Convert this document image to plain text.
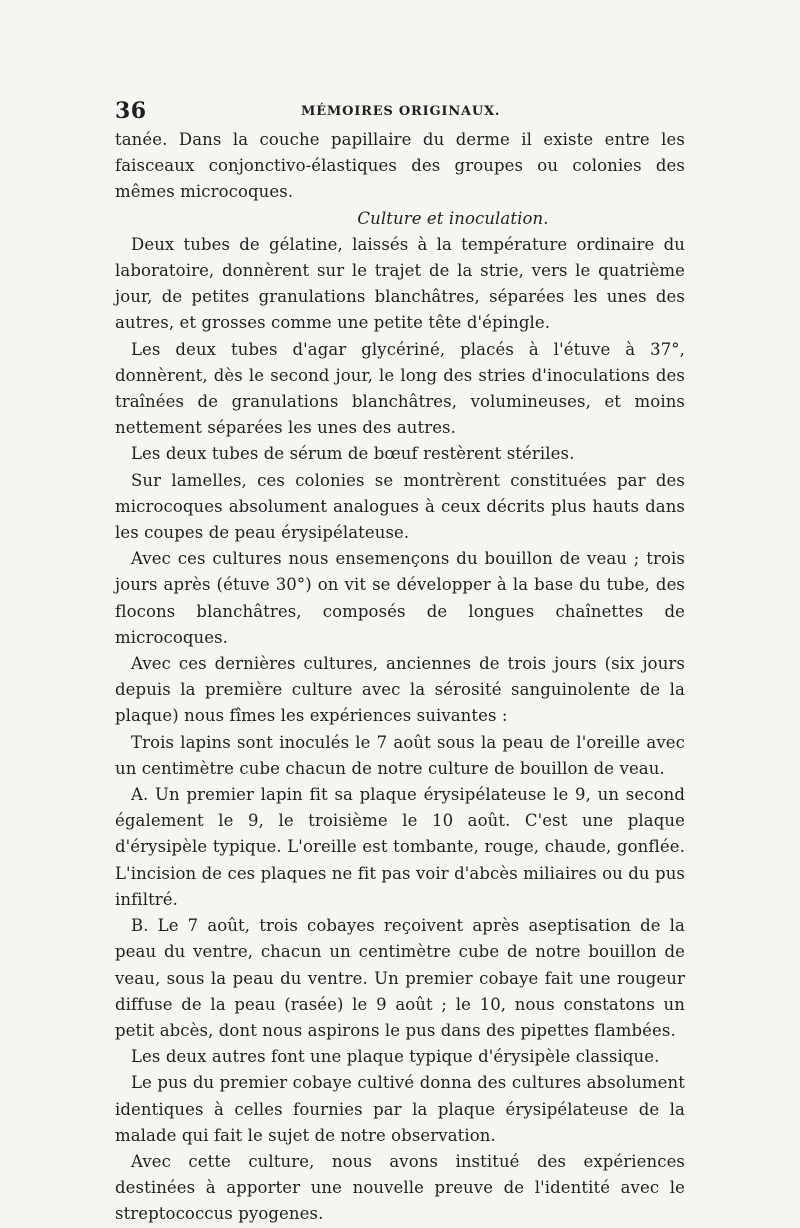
36	MÉMOIRES ORIGINAUX.

tanée. Dans la couche papillaire du derme il existe entre les faisceaux conjonctivo-élastiques des groupes ou colonies des mêmes microcoques.

Culture et inoculation.

Deux tubes de gélatine, laissés à la température ordinaire du laboratoire, donnèrent sur le trajet de la strie, vers le quatrième jour, de petites granulations blanchâtres, séparées les unes des autres, et grosses comme une petite tête d'épingle.

Les deux tubes d'agar glycériné, placés à l'étuve à 37°, donnèrent, dès le second jour, le long des stries d'inoculations des traînées de granulations blanchâtres, volumineuses, et moins nettement séparées les unes des autres.

Les deux tubes de sérum de bœuf restèrent stériles.

Sur lamelles, ces colonies se montrèrent constituées par des microcoques absolument analogues à ceux décrits plus hauts dans les coupes de peau érysipélateuse.

Avec ces cultures nous ensemençons du bouillon de veau ; trois jours après (étuve 30°) on vit se développer à la base du tube, des flocons blanchâtres, composés de longues chaînettes de microcoques.

Avec ces dernières cultures, anciennes de trois jours (six jours depuis la première culture avec la sérosité sanguinolente de la plaque) nous fîmes les expériences suivantes :

Trois lapins sont inoculés le 7 août sous la peau de l'oreille avec un centimètre cube chacun de notre culture de bouillon de veau.

A. Un premier lapin fit sa plaque érysipélateuse le 9, un second également le 9, le troisième le 10 août. C'est une plaque d'érysipèle typique. L'oreille est tombante, rouge, chaude, gonflée. L'incision de ces plaques ne fit pas voir d'abcès miliaires ou du pus infiltré.

B. Le 7 août, trois cobayes reçoivent après aseptisation de la peau du ventre, chacun un centimètre cube de notre bouillon de veau, sous la peau du ventre. Un premier cobaye fait une rougeur diffuse de la peau (rasée) le 9 août ; le 10, nous constatons un petit abcès, dont nous aspirons le pus dans des pipettes flambées.

Les deux autres font une plaque typique d'érysipèle classique.

Le pus du premier cobaye cultivé donna des cultures absolument identiques à celles fournies par la plaque érysipélateuse de la malade qui fait le sujet de notre observation.

Avec cette culture, nous avons institué des expériences destinées à apporter une nouvelle preuve de l'identité avec le streptococcus pyogenes.
